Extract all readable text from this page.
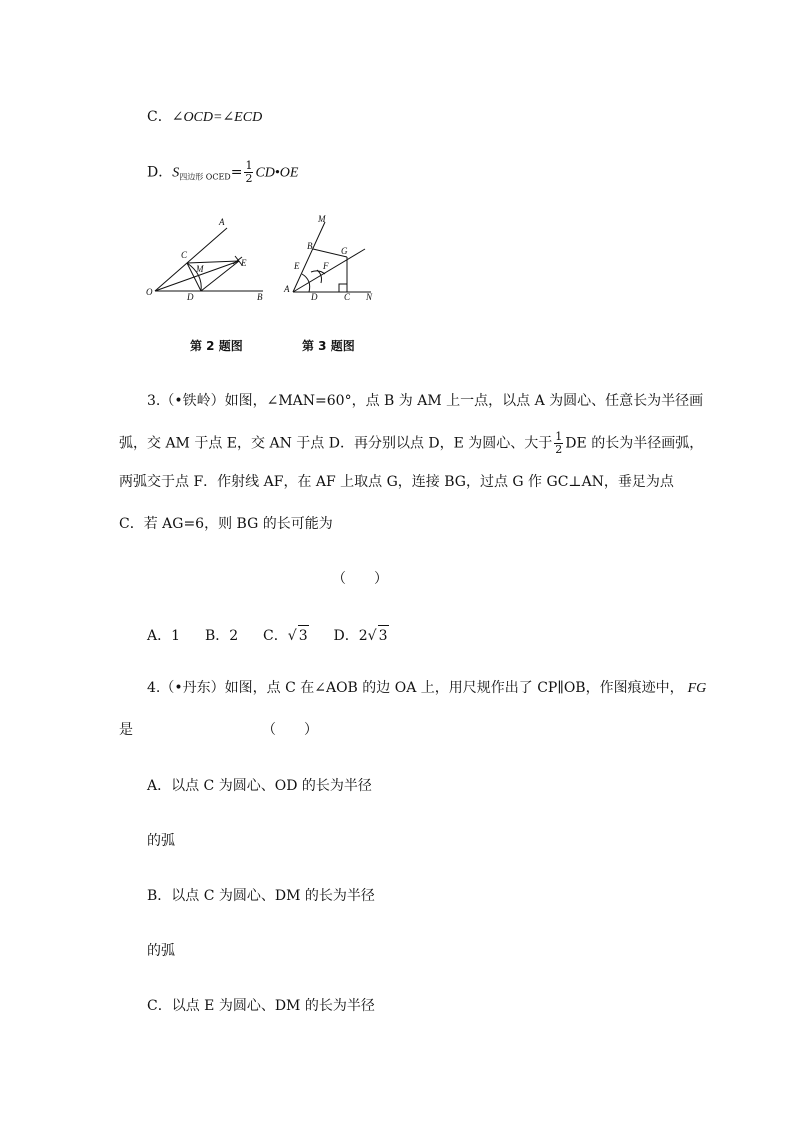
C．∠OCD=∠ECD
D．$S_{四边形 OCED}= \frac{1}{2}$ CD•OE
A
C
M
E
O	D	B
M
B	G
E	F
A
D	C N
第 2 题图	第 3 题图
3.（•铁岭）如图，∠MAN=60°，点 B 为 AM 上一点，以点 A 为圆心、任意长为半径画
弧，交 AM 于点 E，交 AN 于点 D．再分别以点 D，E 为圆心、大于 $\frac{1}{2}$ DE 的长为半径画弧，
两弧交于点 F．作射线 AF，在 AF 上取点 G，连接 BG，过点 G 作 GC⊥AN，垂足为点
C．若 AG=6，则 BG 的长可能为
（　　）
A．1 B．2 C．√ 3 D．2√ 3
4.（•丹东）如图，点 C 在∠AOB 的边 OA 上，用尺规作出了 CP∥OB，作图痕迹中， FG
是	（　　）
A．以点 C 为圆心、OD 的长为半径
的弧
B．以点 C 为圆心、DM 的长为半径
的弧
C．以点 E 为圆心、DM 的长为半径
